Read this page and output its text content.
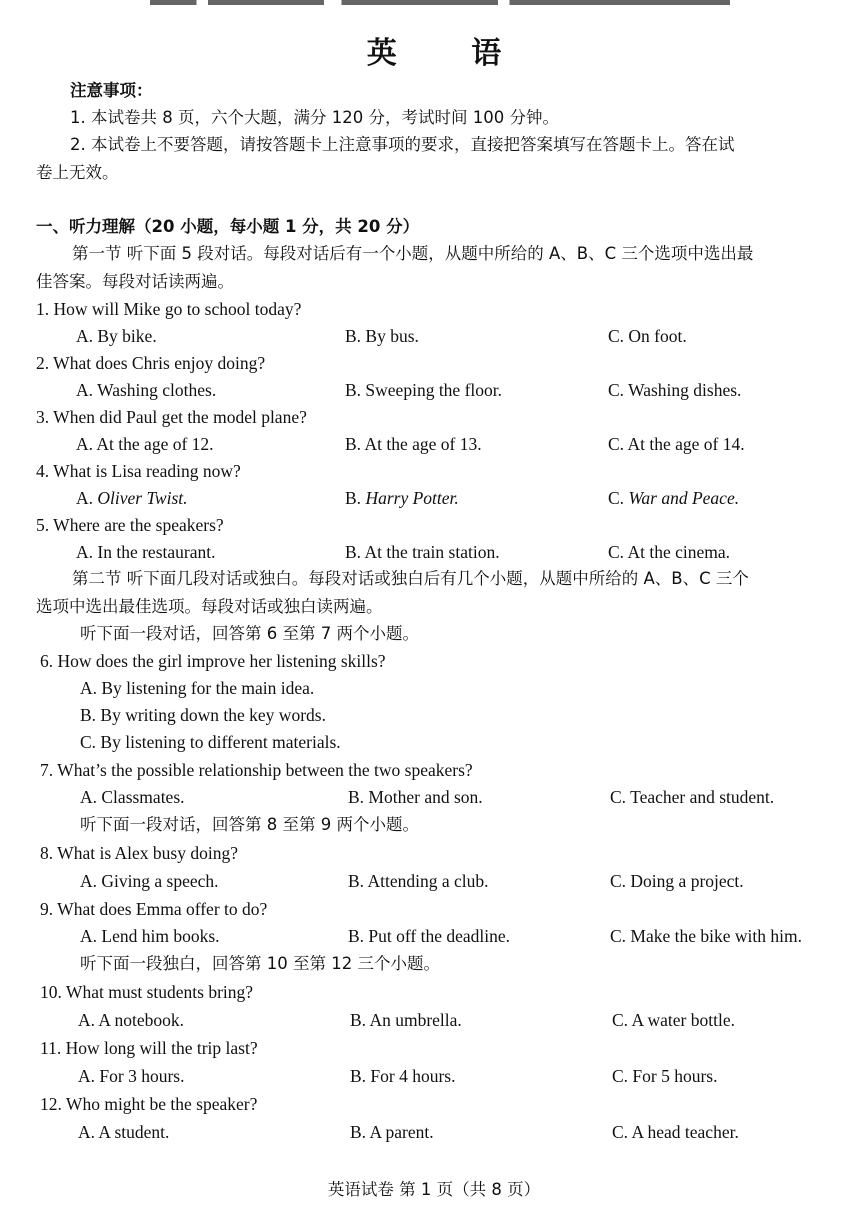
英 语
注意事项：
1. 本试卷共 8 页，六个大题，满分 120 分，考试时间 100 分钟。
2. 本试卷上不要答题，请按答题卡上注意事项的要求，直接把答案填写在答题卡上。答在试
卷上无效。
一、听力理解（20 小题，每小题 1 分，共 20 分）
第一节 听下面 5 段对话。每段对话后有一个小题，从题中所给的 A、B、C 三个选项中选出最
佳答案。每段对话读两遍。
1. How will Mike go to school today?
A. By bike.	B. By bus.	C. On foot.
2. What does Chris enjoy doing?
A. Washing clothes.	B. Sweeping the floor.	C. Washing dishes.
3. When did Paul get the model plane?
A. At the age of 12.	B. At the age of 13.	C. At the age of 14.
4. What is Lisa reading now?
A. Oliver Twist.	B. Harry Potter.	C. War and Peace.
5. Where are the speakers?
A. In the restaurant.	B. At the train station.	C. At the cinema.
第二节 听下面几段对话或独白。每段对话或独白后有几个小题，从题中所给的 A、B、C 三个
选项中选出最佳选项。每段对话或独白读两遍。
听下面一段对话，回答第 6 至第 7 两个小题。
6. How does the girl improve her listening skills?
A. By listening for the main idea.
B. By writing down the key words.
C. By listening to different materials.
7. What’s the possible relationship between the two speakers?
A. Classmates.	B. Mother and son.	C. Teacher and student.
听下面一段对话，回答第 8 至第 9 两个小题。
8. What is Alex busy doing?
A. Giving a speech.	B. Attending a club.	C. Doing a project.
9. What does Emma offer to do?
A. Lend him books.	B. Put off the deadline.	C. Make the bike with him.
听下面一段独白，回答第 10 至第 12 三个小题。
10. What must students bring?
A. A notebook.	B. An umbrella.	C. A water bottle.
11. How long will the trip last?
A. For 3 hours.	B. For 4 hours.	C. For 5 hours.
12. Who might be the speaker?
A. A student.	B. A parent.	C. A head teacher.
英语试卷 第 1 页（共 8 页）
